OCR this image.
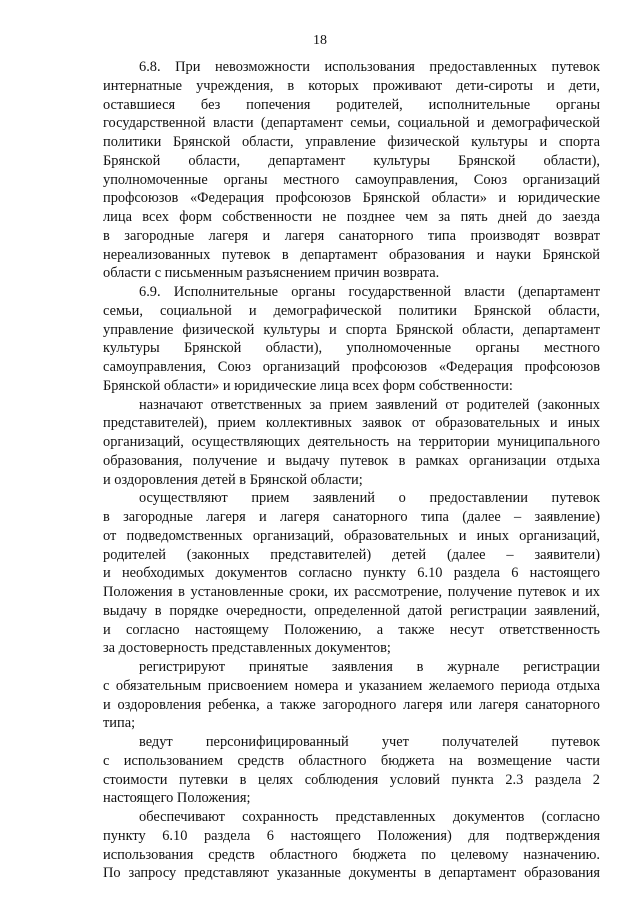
18
6.8. При невозможности использования предоставленных путевок
интернатные учреждения, в которых проживают дети-сироты и дети,
оставшиеся без попечения родителей, исполнительные органы
государственной власти (департамент семьи, социальной и демографической
политики Брянской области, управление физической культуры и спорта
Брянской области, департамент культуры Брянской области),
уполномоченные органы местного самоуправления, Союз организаций
профсоюзов «Федерация профсоюзов Брянской области» и юридические
лица всех форм собственности не позднее чем за пять дней до заезда
в загородные лагеря и лагеря санаторного типа производят возврат
нереализованных путевок в департамент образования и науки Брянской
области с письменным разъяснением причин возврата.
6.9. Исполнительные органы государственной власти (департамент
семьи, социальной и демографической политики Брянской области,
управление физической культуры и спорта Брянской области, департамент
культуры Брянской области), уполномоченные органы местного
самоуправления, Союз организаций профсоюзов «Федерация профсоюзов
Брянской области» и юридические лица всех форм собственности:
назначают ответственных за прием заявлений от родителей (законных
представителей), прием коллективных заявок от образовательных и иных
организаций, осуществляющих деятельность на территории муниципального
образования, получение и выдачу путевок в рамках организации отдыха
и оздоровления детей в Брянской области;
осуществляют прием заявлений о предоставлении путевок
в загородные лагеря и лагеря санаторного типа (далее – заявление)
от подведомственных организаций, образовательных и иных организаций,
родителей (законных представителей) детей (далее – заявители)
и необходимых документов согласно пункту 6.10 раздела 6 настоящего
Положения в установленные сроки, их рассмотрение, получение путевок и их
выдачу в порядке очередности, определенной датой регистрации заявлений,
и согласно настоящему Положению, а также несут ответственность
за достоверность представленных документов;
регистрируют принятые заявления в журнале регистрации
с обязательным присвоением номера и указанием желаемого периода отдыха
и оздоровления ребенка, а также загородного лагеря или лагеря санаторного
типа;
ведут персонифицированный учет получателей путевок
с использованием средств областного бюджета на возмещение части
стоимости путевки в целях соблюдения условий пункта 2.3 раздела 2
настоящего Положения;
обеспечивают сохранность представленных документов (согласно
пункту 6.10 раздела 6 настоящего Положения) для подтверждения
использования средств областного бюджета по целевому назначению.
По запросу представляют указанные документы в департамент образования
